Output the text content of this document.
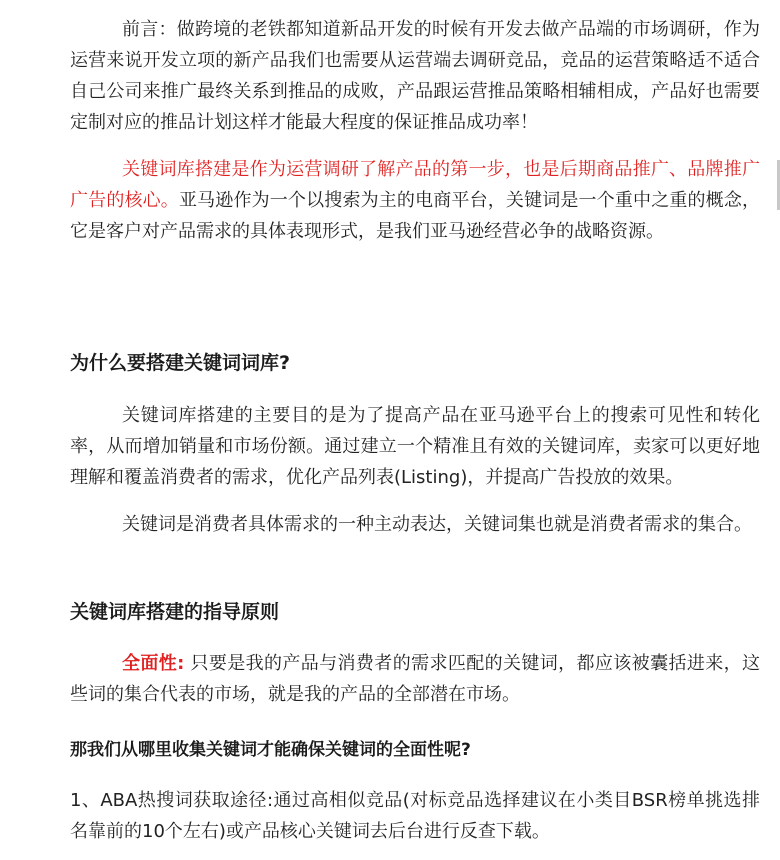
前言：做跨境的老铁都知道新品开发的时候有开发去做产品端的市场调研，作为运营来说开发立项的新产品我们也需要从运营端去调研竞品，竞品的运营策略适不适合自己公司来推广最终关系到推品的成败，产品跟运营推品策略相辅相成，产品好也需要定制对应的推品计划这样才能最大程度的保证推品成功率！

关键词库搭建是作为运营调研了解产品的第一步，也是后期商品推广、品牌推广广告的核心。亚马逊作为一个以搜索为主的电商平台，关键词是一个重中之重的概念，它是客户对产品需求的具体表现形式，是我们亚马逊经营必争的战略资源。

为什么要搭建关键词词库?

关键词库搭建的主要目的是为了提高产品在亚马逊平台上的搜索可见性和转化率，从而增加销量和市场份额。通过建立一个精准且有效的关键词库，卖家可以更好地理解和覆盖消费者的需求，优化产品列表(Listing)，并提高广告投放的效果。

关键词是消费者具体需求的一种主动表达，关键词集也就是消费者需求的集合。

关键词库搭建的指导原则

全面性: 只要是我的产品与消费者的需求匹配的关键词，都应该被囊括进来，这些词的集合代表的市场，就是我的产品的全部潜在市场。

那我们从哪里收集关键词才能确保关键词的全面性呢?

1、ABA热搜词获取途径:通过高相似竞品(对标竞品选择建议在小类目BSR榜单挑选排名靠前的10个左右)或产品核心关键词去后台进行反查下载。
